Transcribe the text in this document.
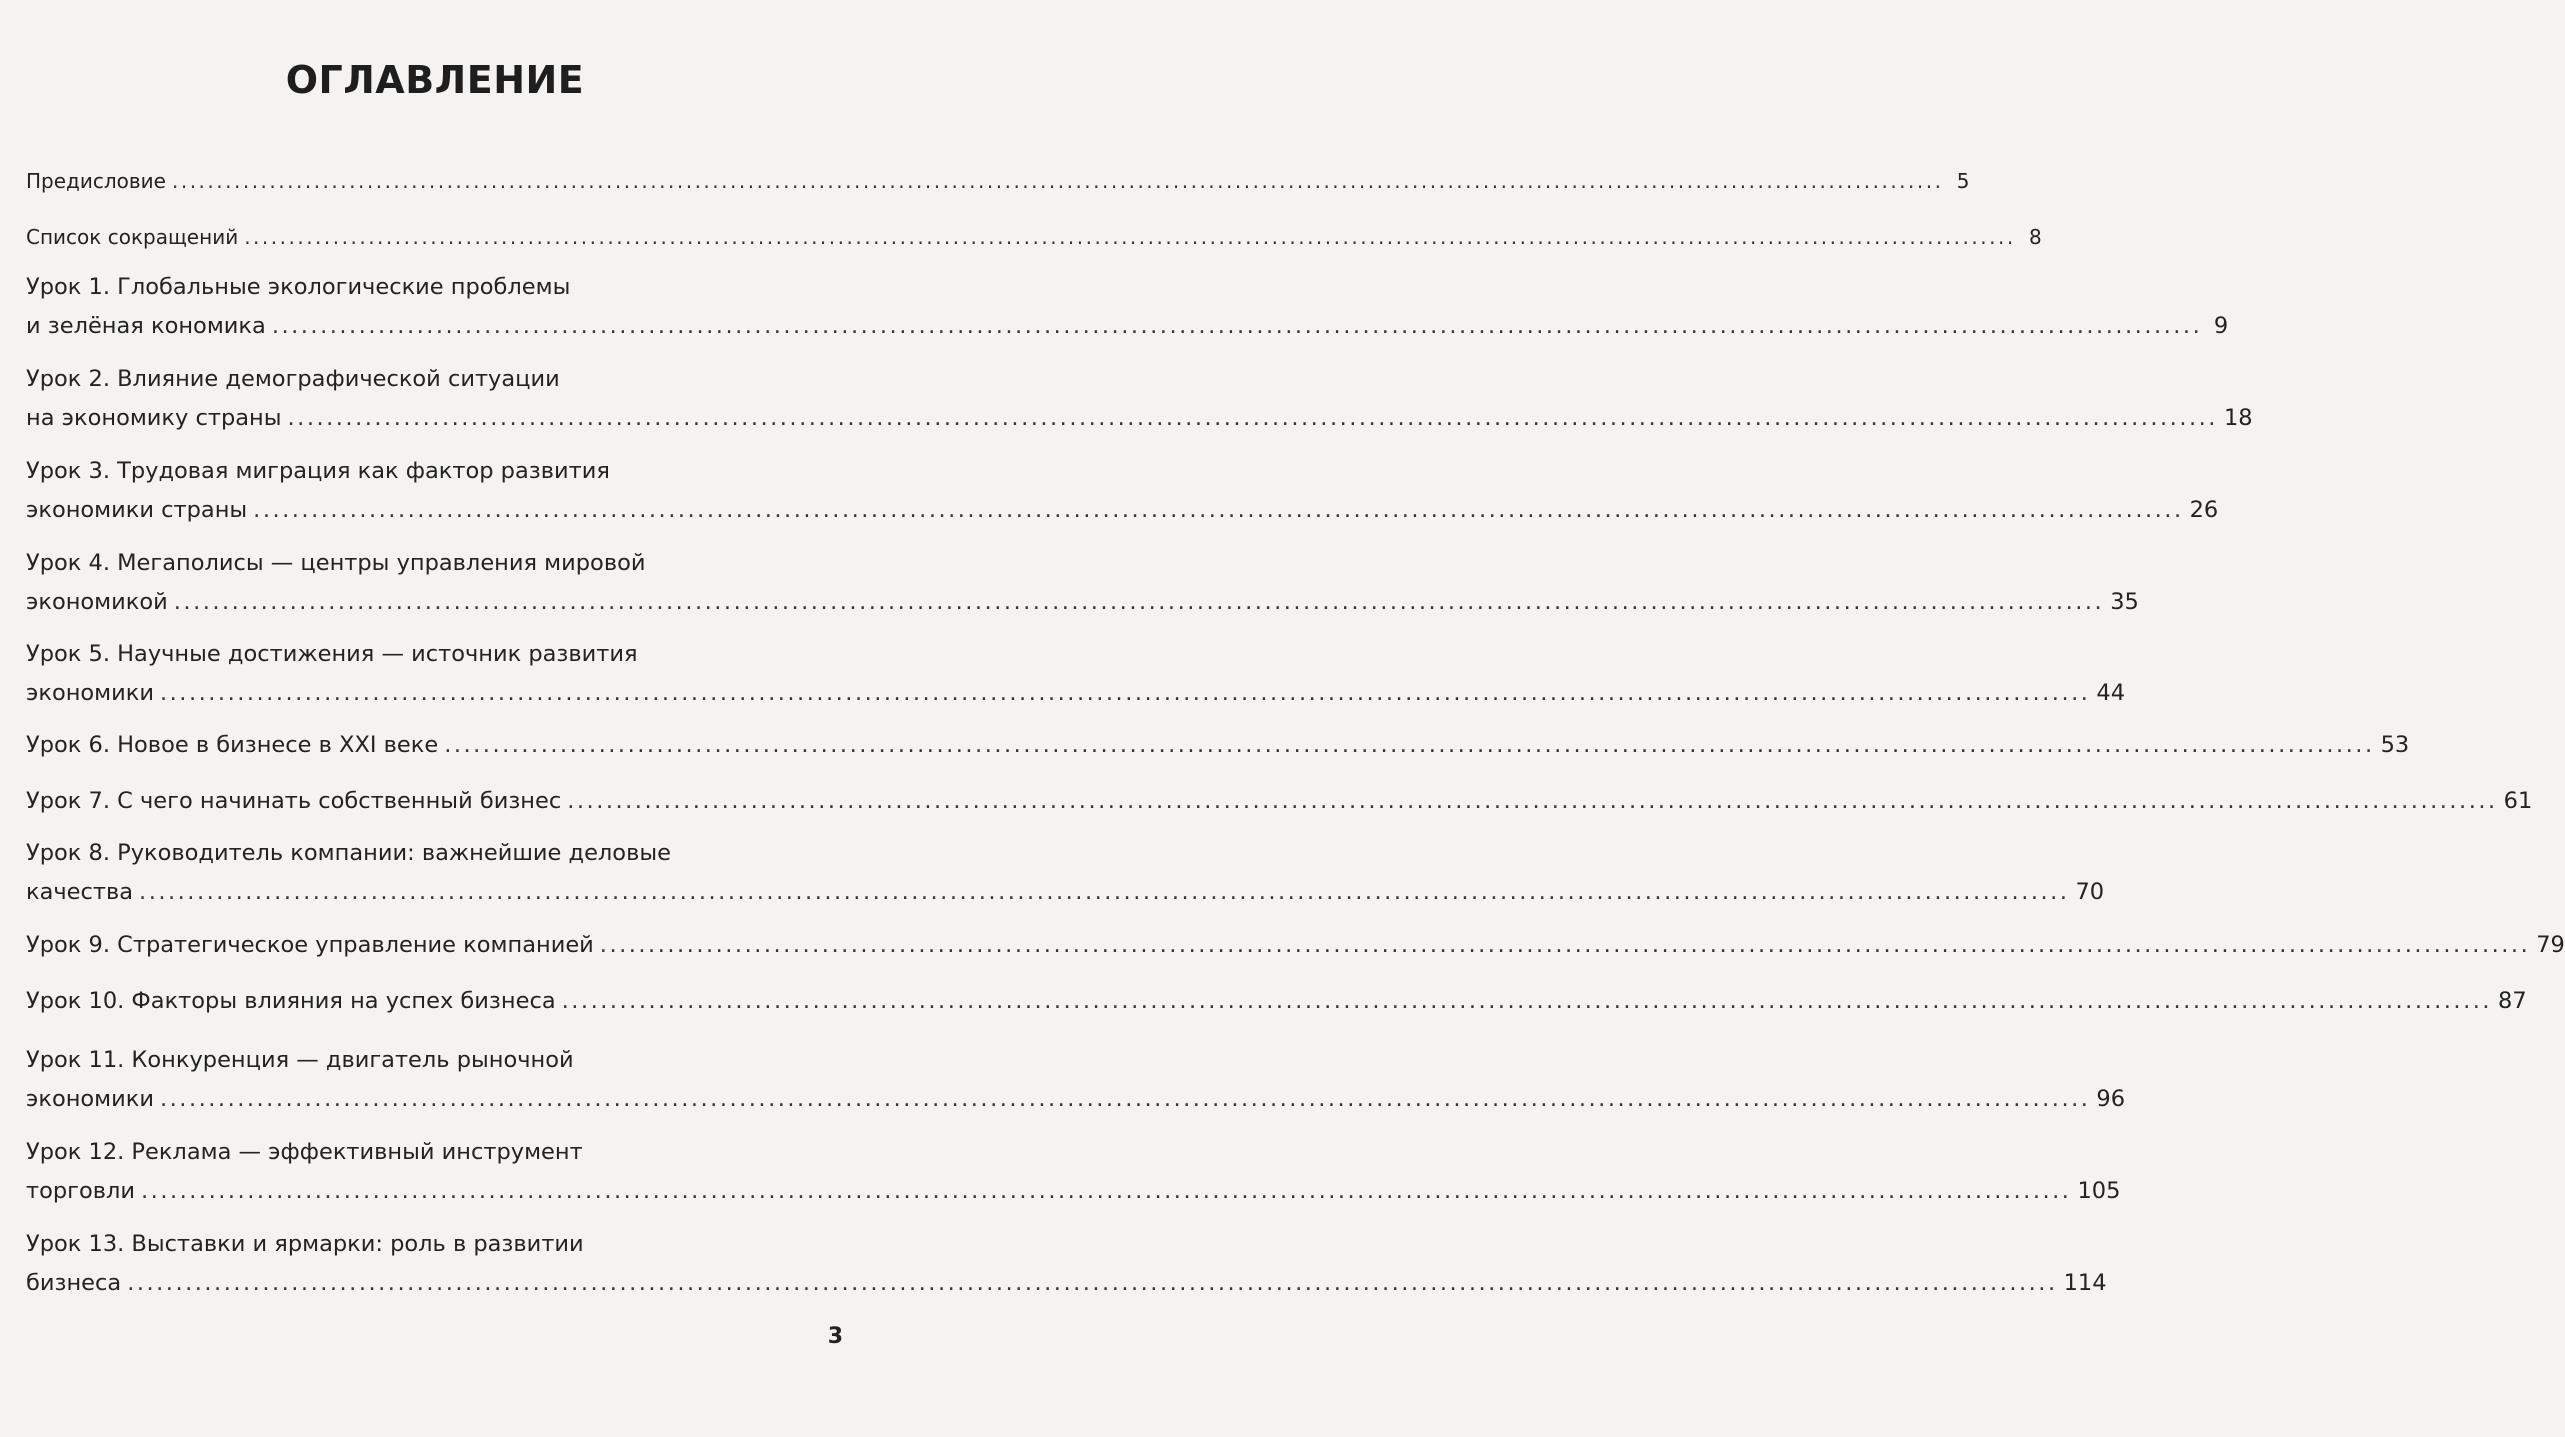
ОГЛАВЛЕНИЕ
Предисловие ........................................................................................................................................................................................................ 5
Список сокращений ........................................................................................................................................................................................................ 8
Урок 1. Глобальные экологические проблемы
и зелёная кономика ........................................................................................................................................................................................................ 9
Урок 2. Влияние демографической ситуации
на экономику страны ........................................................................................................................................................................................................ 18
Урок 3. Трудовая миграция как фактор развития
экономики страны ........................................................................................................................................................................................................ 26
Урок 4. Мегаполисы — центры управления мировой
экономикой ........................................................................................................................................................................................................ 35
Урок 5. Научные достижения — источник развития
экономики ........................................................................................................................................................................................................ 44
Урок 6. Новое в бизнесе в XXI веке ........................................................................................................................................................................................................ 53
Урок 7. С чего начинать собственный бизнес ........................................................................................................................................................................................................ 61
Урок 8. Руководитель компании: важнейшие деловые
качества ........................................................................................................................................................................................................ 70
Урок 9. Стратегическое управление компанией ........................................................................................................................................................................................................ 79
Урок 10. Факторы влияния на успех бизнеса ........................................................................................................................................................................................................ 87
Урок 11. Конкуренция — двигатель рыночной
экономики ........................................................................................................................................................................................................ 96
Урок 12. Реклама — эффективный инструмент
торговли ........................................................................................................................................................................................................ 105
Урок 13. Выставки и ярмарки: роль в развитии
бизнеса ........................................................................................................................................................................................................ 114
3
